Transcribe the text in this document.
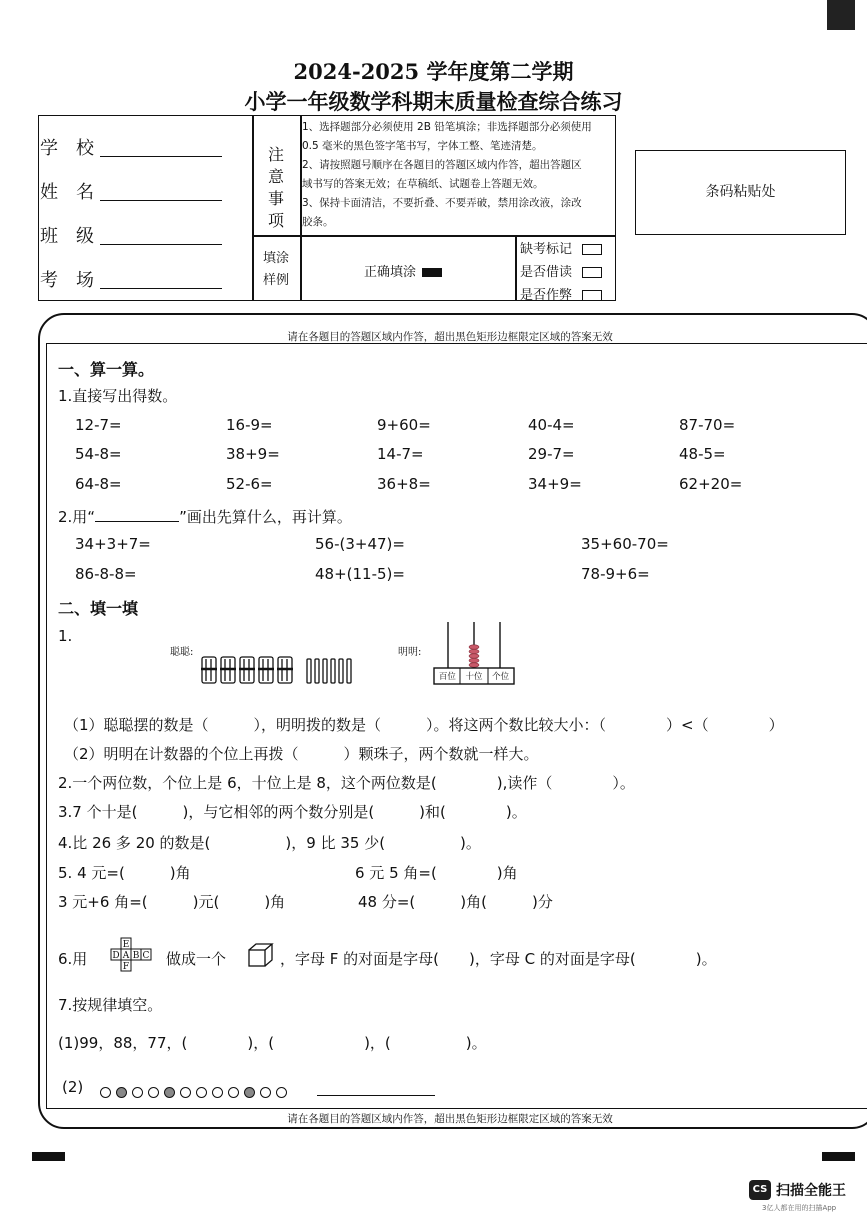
2024-2025 学年度第二学期
小学一年级数学科期末质量检查综合练习
学　校
姓　名
班　级
考　场
注
意
事
项
1、选择题部分必须使用 2B 铅笔填涂；非选择题部分必须使用
0.5 毫米的黑色签字笔书写，字体工整、笔迹清楚。
2、请按照题号顺序在各题目的答题区域内作答，超出答题区
域书写的答案无效；在草稿纸、试题卷上答题无效。
3、保持卡面清洁，不要折叠、不要弄破，禁用涂改液，涂改
胶条。
填涂
样例
正确填涂
缺考标记
是否借读
是否作弊
条码粘贴处
请在各题目的答题区域内作答，超出黑色矩形边框限定区域的答案无效
请在各题目的答题区域内作答，超出黑色矩形边框限定区域的答案无效
一、算一算。
1.直接写出得数。
12-7=	16-9=	9+60=	40-4=	87-70=
54-8=	38+9=	14-7=	29-7=	48-5=
64-8=	52-6=	36+8=	34+9=	62+20=
2.用“	”画出先算什么，再计算。
34+3+7=	56-(3+47)=	35+60-70=
86-8-8=	48+(11-5)=	78-9+6=
二、填一填
1.
聪聪:	明明:
百位 十位 个位
（1）聪聪摆的数是（　　　），明明拨的数是（　　　）。将这两个数比较大小：（　　　　）<（　　　　）
（2）明明在计数器的个位上再拨（　　　）颗珠子，两个数就一样大。
2.一个两位数，个位上是 6，十位上是 8，这个两位数是(　　　　),读作（　　　　）。
3.7 个十是(　　　)，与它相邻的两个数分别是(　　　)和(　　　　)。
4.比 26 多 20 的数是(　　　　　)，9 比 35 少(　　　　　)。
5. 4 元=(　　　)角	6 元 5 角=(　　　　)角
3 元+6 角=(　　　)元(　　　)角	48 分=(　　　)角(　　　)分
6.用
E
D A B C
F 做成一个	，字母 F 的对面是字母(　　)，字母 C 的对面是字母(　　　　)。
7.按规律填空。
(1)99，88，77，(　　　　)，(　　　　　　)，(　　　　　)。
(2)
CS 扫描全能王
3亿人都在用的扫描App
